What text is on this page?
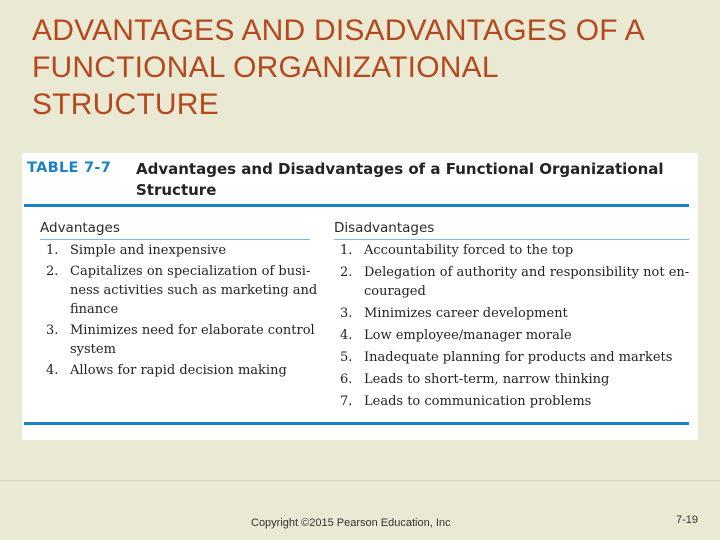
ADVANTAGES AND DISADVANTAGES OF A
FUNCTIONAL ORGANIZATIONAL
STRUCTURE
TABLE 7-7 Advantages and Disadvantages of a Functional Organizational
Structure

Advantages

1. Simple and inexpensive
2. Capitalizes on specialization of busi-
ness activities such as marketing and
finance
3. Minimizes need for elaborate control
system
4. Allows for rapid decision making

Disadvantages

1. Accountability forced to the top
2. Delegation of authority and responsibility not en-
couraged
3. Minimizes career development
4. Low employee/manager morale
5. Inadequate planning for products and markets
6. Leads to short-term, narrow thinking
7. Leads to communication problems
Copyright ©2015 Pearson Education, Inc	7-19
